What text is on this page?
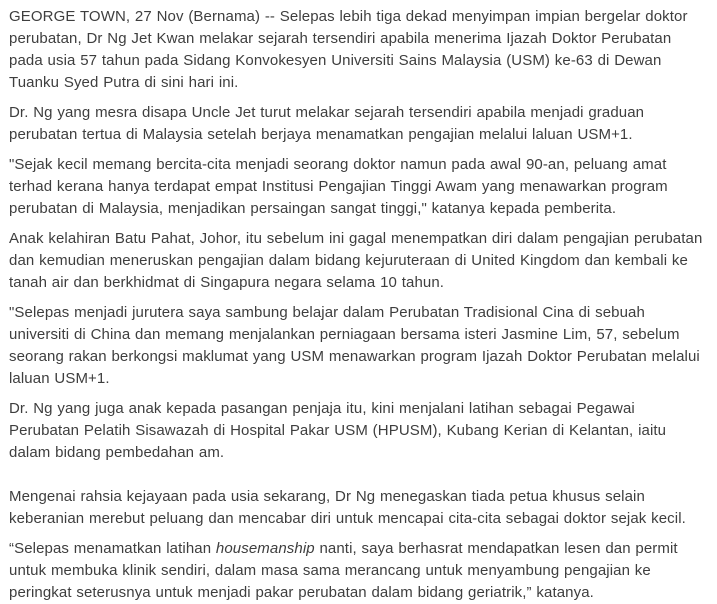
GEORGE TOWN, 27 Nov (Bernama) -- Selepas lebih tiga dekad menyimpan impian bergelar doktor perubatan, Dr Ng Jet Kwan melakar sejarah tersendiri apabila menerima Ijazah Doktor Perubatan pada usia 57 tahun pada Sidang Konvokesyen Universiti Sains Malaysia (USM) ke-63 di Dewan Tuanku Syed Putra di sini hari ini.

Dr. Ng yang mesra disapa Uncle Jet turut melakar sejarah tersendiri apabila menjadi graduan perubatan tertua di Malaysia setelah berjaya menamatkan pengajian melalui laluan USM+1.

"Sejak kecil memang bercita-cita menjadi seorang doktor namun pada awal 90-an, peluang amat terhad kerana hanya terdapat empat Institusi Pengajian Tinggi Awam yang menawarkan program perubatan di Malaysia, menjadikan persaingan sangat tinggi," katanya kepada pemberita.

Anak kelahiran Batu Pahat, Johor, itu sebelum ini gagal menempatkan diri dalam pengajian perubatan dan kemudian meneruskan pengajian dalam bidang kejuruteraan di United Kingdom dan kembali ke tanah air dan berkhidmat di Singapura negara selama 10 tahun.

"Selepas menjadi jurutera saya sambung belajar dalam Perubatan Tradisional Cina di sebuah universiti di China dan memang menjalankan perniagaan bersama isteri Jasmine Lim, 57, sebelum seorang rakan berkongsi maklumat yang USM menawarkan program Ijazah Doktor Perubatan melalui laluan USM+1.

Dr. Ng yang juga anak kepada pasangan penjaja itu, kini menjalani latihan sebagai Pegawai Perubatan Pelatih Sisawazah di Hospital Pakar USM (HPUSM), Kubang Kerian di Kelantan, iaitu dalam bidang pembedahan am.

Mengenai rahsia kejayaan pada usia sekarang, Dr Ng menegaskan tiada petua khusus selain keberanian merebut peluang dan mencabar diri untuk mencapai cita-cita sebagai doktor sejak kecil.

“Selepas menamatkan latihan housemanship nanti, saya berhasrat mendapatkan lesen dan permit untuk membuka klinik sendiri, dalam masa sama merancang untuk menyambung pengajian ke peringkat seterusnya untuk menjadi pakar perubatan dalam bidang geriatrik,” katanya.
